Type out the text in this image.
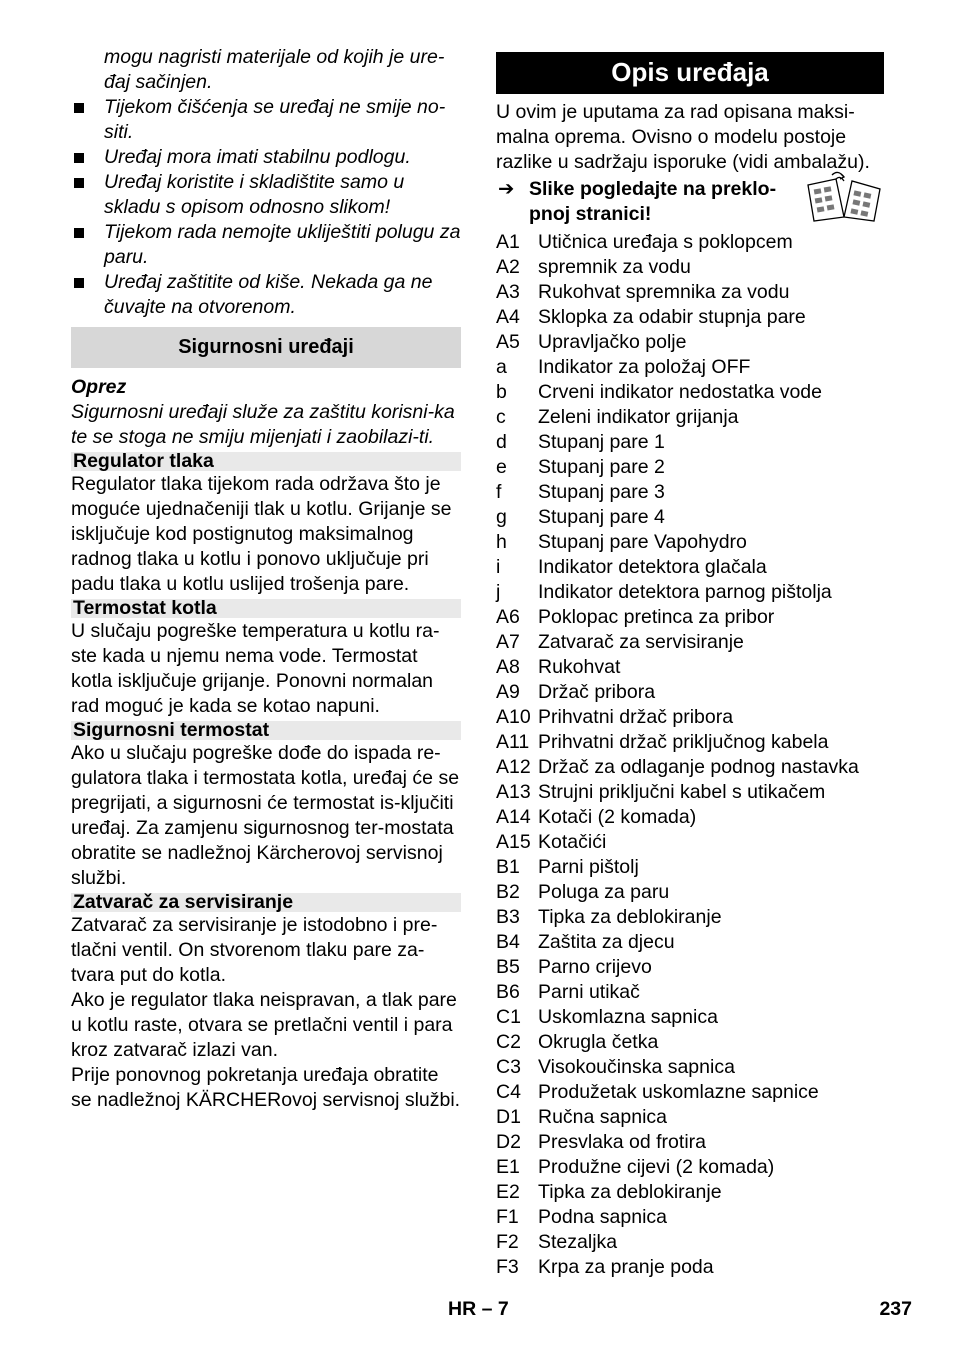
mogu nagristi materijale od kojih je ure-đaj sačinjen.

Tijekom čišćenja se uređaj ne smije no-siti.
Uređaj mora imati stabilnu podlogu.
Uređaj koristite i skladištite samo u skladu s opisom odnosno slikom!
Tijekom rada nemojte ukliještiti polugu za paru.
Uređaj zaštitite od kiše. Nekada ga ne čuvajte na otvorenom.
Sigurnosni uređaji

Oprez

Sigurnosni uređaji služe za zaštitu korisni-ka te se stoga ne smiju mijenjati i zaobilazi-ti.

Regulator tlaka

Regulator tlaka tijekom rada održava što je moguće ujednačeniji tlak u kotlu. Grijanje se isključuje kod postignutog maksimalnog radnog tlaka u kotlu i ponovo uključuje pri padu tlaka u kotlu uslijed trošenja pare.

Termostat kotla

U slučaju pogreške temperatura u kotlu ra-ste kada u njemu nema vode. Termostat kotla isključuje grijanje. Ponovni normalan rad moguć je kada se kotao napuni.

Sigurnosni termostat

Ako u slučaju pogreške dođe do ispada re-gulatora tlaka i termostata kotla, uređaj će se pregrijati, a sigurnosni će termostat is-ključiti uređaj. Za zamjenu sigurnosnog ter-mostata obratite se nadležnoj Kärcherovoj servisnoj službi.

Zatvarač za servisiranje

Zatvarač za servisiranje je istodobno i pre-tlačni ventil. On stvorenom tlaku pare za-tvara put do kotla.

Ako je regulator tlaka neispravan, a tlak pare u kotlu raste, otvara se pretlačni ventil i para kroz zatvarač izlazi van.

Prije ponovnog pokretanja uređaja obratite se nadležnoj KÄRCHERovoj servisnoj službi.

Opis uređaja

U ovim je uputama za rad opisana maksi-malna oprema. Ovisno o modelu postoje razlike u sadržaju isporuke (vidi ambalažu).

➔ Slike pogledajte na preklo-pnoj stranici!
A1 Utičnica uređaja s poklopcem
A2 spremnik za vodu
A3 Rukohvat spremnika za vodu
A4 Sklopka za odabir stupnja pare
A5 Upravljačko polje
a	Indikator za položaj OFF
b	Crveni indikator nedostatka vode
c	Zeleni indikator grijanja
d	Stupanj pare 1
e	Stupanj pare 2
f	Stupanj pare 3
g	Stupanj pare 4
h	Stupanj pare Vapohydro
i	Indikator detektora glačala
j	Indikator detektora parnog pištolja
A6 Poklopac pretinca za pribor
A7 Zatvarač za servisiranje
A8 Rukohvat
A9 Držač pribora
A10 Prihvatni držač pribora
A11 Prihvatni držač priključnog kabela
A12 Držač za odlaganje podnog nastavka
A13 Strujni priključni kabel s utikačem
A14 Kotači (2 komada)
A15 Kotačići
B1 Parni pištolj
B2 Poluga za paru
B3 Tipka za deblokiranje
B4 Zaštita za djecu
B5 Parno crijevo
B6 Parni utikač
C1 Uskomlazna sapnica
C2 Okrugla četka
C3 Visokoučinska sapnica
C4 Produžetak uskomlazne sapnice
D1 Ručna sapnica
D2 Presvlaka od frotira
E1 Produžne cijevi (2 komada)
E2 Tipka za deblokiranje
F1 Podna sapnica
F2 Stezaljka
F3 Krpa za pranje poda
HR – 7	237
